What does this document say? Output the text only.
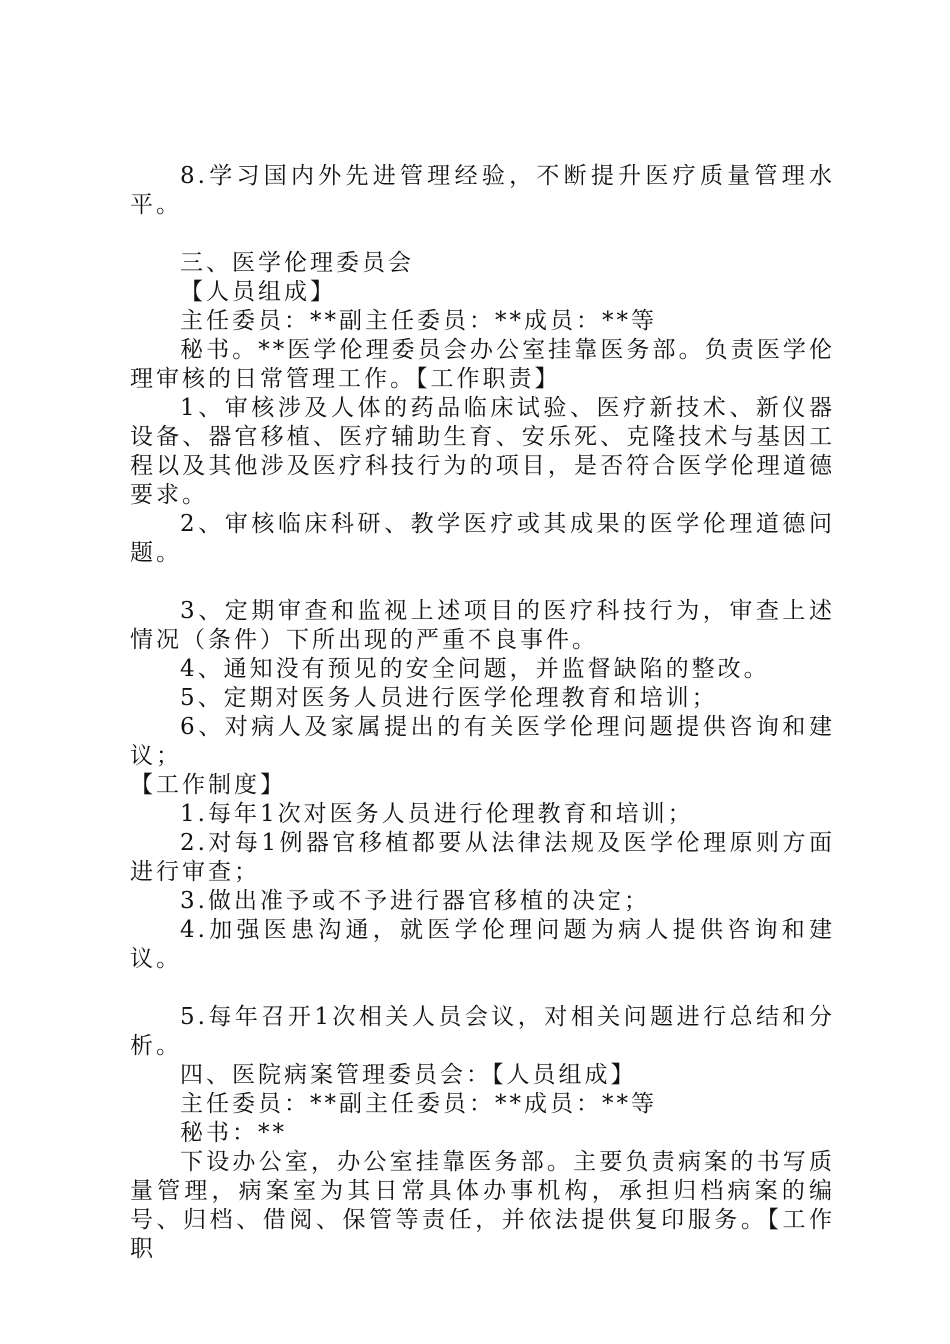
8.学习国内外先进管理经验，不断提升医疗质量管理水平。
三、医学伦理委员会
【人员组成】
主任委员：**副主任委员：**成员：**等
秘书。**医学伦理委员会办公室挂靠医务部。负责医学伦理审核的日常管理工作。【工作职责】
1、审核涉及人体的药品临床试验、医疗新技术、新仪器设备、器官移植、医疗辅助生育、安乐死、克隆技术与基因工程以及其他涉及医疗科技行为的项目，是否符合医学伦理道德要求。
2、审核临床科研、教学医疗或其成果的医学伦理道德问题。
3、定期审查和监视上述项目的医疗科技行为，审查上述情况（条件）下所出现的严重不良事件。
4、通知没有预见的安全问题，并监督缺陷的整改。
5、定期对医务人员进行医学伦理教育和培训；
6、对病人及家属提出的有关医学伦理问题提供咨询和建议；
【工作制度】
1.每年1次对医务人员进行伦理教育和培训；
2.对每1例器官移植都要从法律法规及医学伦理原则方面进行审查；
3.做出准予或不予进行器官移植的决定；
4.加强医患沟通，就医学伦理问题为病人提供咨询和建议。
5.每年召开1次相关人员会议，对相关问题进行总结和分析。
四、医院病案管理委员会：【人员组成】
主任委员：**副主任委员：**成员：**等
秘书：**
下设办公室，办公室挂靠医务部。主要负责病案的书写质量管理，病案室为其日常具体办事机构，承担归档病案的编号、归档、借阅、保管等责任，并依法提供复印服务。【工作职
